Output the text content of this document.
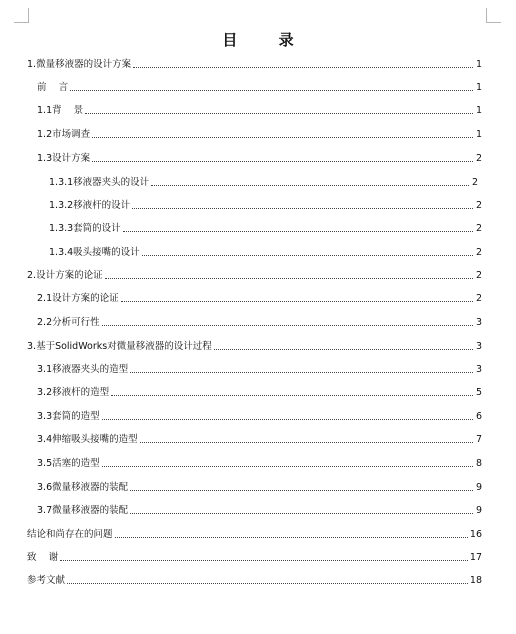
目 录
1.微量移液器的设计方案	1
前    言	1
1.1背    景	1
1.2市场调查	1
1.3设计方案	2
1.3.1移液器夹头的设计	2
1.3.2移液杆的设计	2
1.3.3套筒的设计	2
1.3.4吸头接嘴的设计	2
2.设计方案的论证	2
2.1设计方案的论证	2
2.2分析可行性	3
3.基于SolidWorks对微量移液器的设计过程	3
3.1移液器夹头的造型	3
3.2移液杆的造型	5
3.3套筒的造型	6
3.4伸缩吸头接嘴的造型	7
3.5活塞的造型	8
3.6微量移液器的装配	9
3.7微量移液器的装配	9
结论和尚存在的问题	16
致    谢	17
参考文献	18
